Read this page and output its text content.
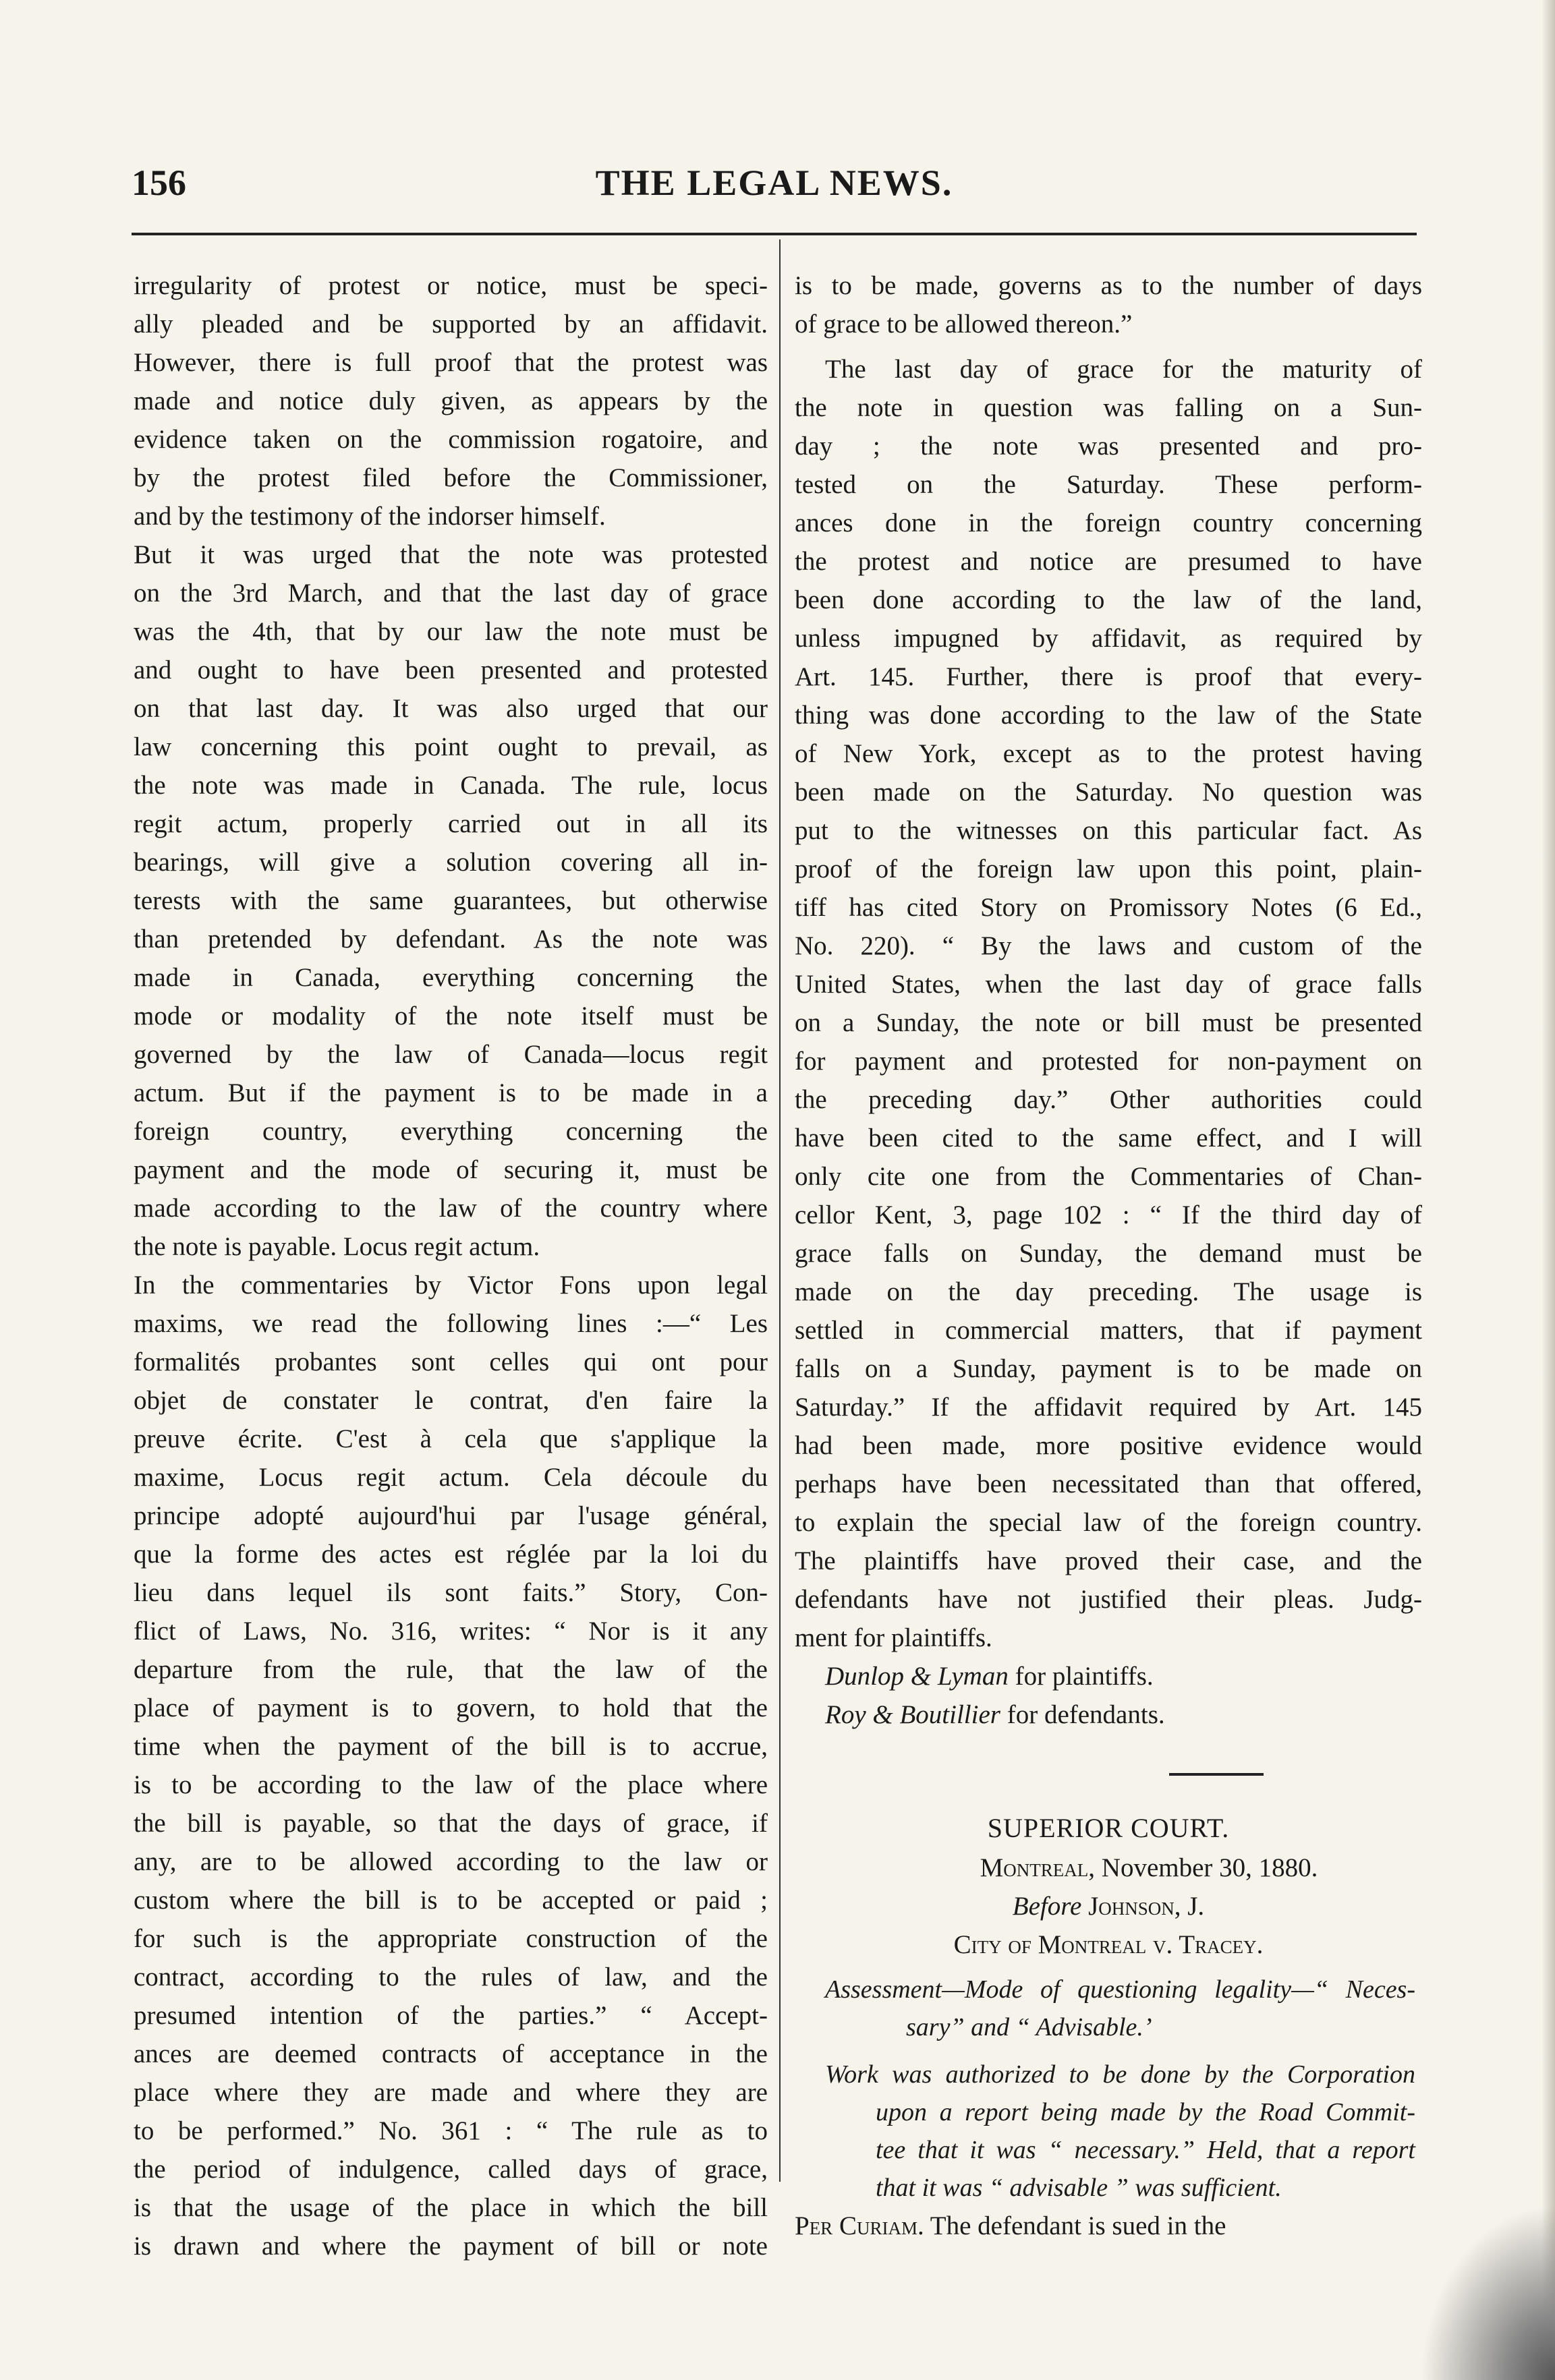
156	THE LEGAL NEWS.
irregularity of protest or notice, must be speci-
ally pleaded and be supported by an affidavit.
However, there is full proof that the protest was
made and notice duly given, as appears by the
evidence taken on the commission rogatoire, and
by the protest filed before the Commissioner,
and by the testimony of the indorser himself.
But it was urged that the note was protested
on the 3rd March, and that the last day of grace
was the 4th, that by our law the note must be
and ought to have been presented and protested
on that last day. It was also urged that our
law concerning this point ought to prevail, as
the note was made in Canada. The rule, locus
regit actum, properly carried out in all its
bearings, will give a solution covering all in-
terests with the same guarantees, but otherwise
than pretended by defendant. As the note was
made in Canada, everything concerning the
mode or modality of the note itself must be
governed by the law of Canada—locus regit
actum. But if the payment is to be made in a
foreign country, everything concerning the
payment and the mode of securing it, must be
made according to the law of the country where
the note is payable. Locus regit actum.
In the commentaries by Victor Fons upon legal
maxims, we read the following lines :—“ Les
formalités probantes sont celles qui ont pour
objet de constater le contrat, d'en faire la
preuve écrite. C'est à cela que s'applique la
maxime, Locus regit actum. Cela découle du
principe adopté aujourd'hui par l'usage général,
que la forme des actes est réglée par la loi du
lieu dans lequel ils sont faits.” Story, Con-
flict of Laws, No. 316, writes: “ Nor is it any
departure from the rule, that the law of the
place of payment is to govern, to hold that the
time when the payment of the bill is to accrue,
is to be according to the law of the place where
the bill is payable, so that the days of grace, if
any, are to be allowed according to the law or
custom where the bill is to be accepted or paid ;
for such is the appropriate construction of the
contract, according to the rules of law, and the
presumed intention of the parties.” “ Accept-
ances are deemed contracts of acceptance in the
place where they are made and where they are
to be performed.” No. 361 : “ The rule as to
the period of indulgence, called days of grace,
is that the usage of the place in which the bill
is drawn and where the payment of bill or note
is to be made, governs as to the number of days
of grace to be allowed thereon.”
The last day of grace for the maturity of
the note in question was falling on a Sun-
day ; the note was presented and pro-
tested on the Saturday. These perform-
ances done in the foreign country concerning
the protest and notice are presumed to have
been done according to the law of the land,
unless impugned by affidavit, as required by
Art. 145. Further, there is proof that every-
thing was done according to the law of the State
of New York, except as to the protest having
been made on the Saturday. No question was
put to the witnesses on this particular fact. As
proof of the foreign law upon this point, plain-
tiff has cited Story on Promissory Notes (6 Ed.,
No. 220). “ By the laws and custom of the
United States, when the last day of grace falls
on a Sunday, the note or bill must be presented
for payment and protested for non-payment on
the preceding day.” Other authorities could
have been cited to the same effect, and I will
only cite one from the Commentaries of Chan-
cellor Kent, 3, page 102 : “ If the third day of
grace falls on Sunday, the demand must be
made on the day preceding. The usage is
settled in commercial matters, that if payment
falls on a Sunday, payment is to be made on
Saturday.” If the affidavit required by Art. 145
had been made, more positive evidence would
perhaps have been necessitated than that offered,
to explain the special law of the foreign country.
The plaintiffs have proved their case, and the
defendants have not justified their pleas. Judg-
ment for plaintiffs.

Dunlop & Lyman for plaintiffs.

Roy & Boutillier for defendants.

SUPERIOR COURT.
Montreal, November 30, 1880.
Before Johnson, J.
City of Montreal v. Tracey.
Assessment—Mode of questioning legality—“ Neces-
sary” and “ Advisable.’
Work was authorized to be done by the Corporation
upon a report being made by the Road Commit-
tee that it was “ necessary.” Held, that a report
that it was “ advisable ” was sufficient.

Per Curiam. The defendant is sued in the
